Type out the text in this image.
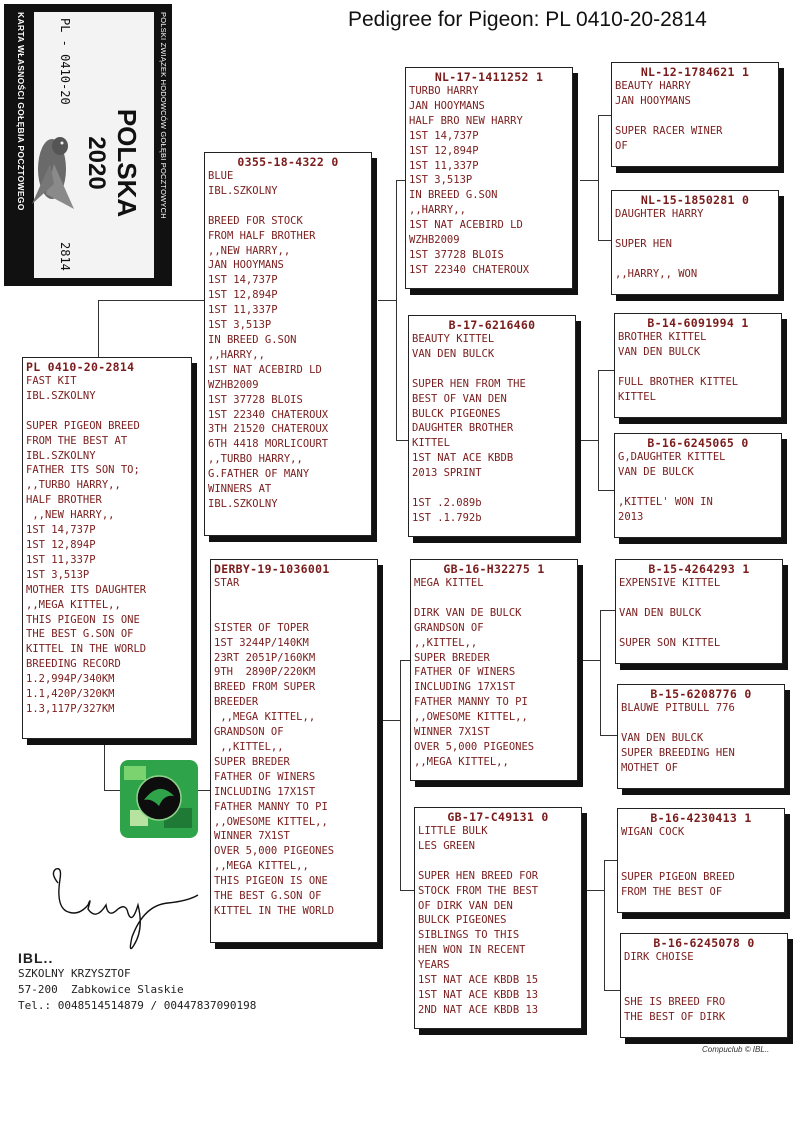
Pedigree for Pigeon: PL 0410-20-2814
POLSKI ZWIĄZEK HODOWCÓW GOŁĘBI POCZTOWYCH
POLSKA
2020
PL - 0410-20
2814
KARTA WŁASNOŚCI GOŁĘBIA POCZTOWEGO
PL 0410-20-2814
FAST KIT
IBL.SZKOLNY

SUPER PIGEON BREED
FROM THE BEST AT
IBL.SZKOLNY
FATHER ITS SON TO;
,,TURBO HARRY,,
HALF BROTHER
,,NEW HARRY,,
1ST 14,737P
1ST 12,894P
1ST 11,337P
1ST 3,513P
MOTHER ITS DAUGHTER
,,MEGA KITTEL,,
THIS PIGEON IS ONE
THE BEST G.SON OF
KITTEL IN THE WORLD
BREEDING RECORD
1.2,994P/340KM
1.1,420P/320KM
1.3,117P/327KM
0355-18-4322 0
BLUE
IBL.SZKOLNY

BREED FOR STOCK
FROM HALF BROTHER
,,NEW HARRY,,
JAN HOOYMANS
1ST 14,737P
1ST 12,894P
1ST 11,337P
1ST 3,513P
IN BREED G.SON
,,HARRY,,
1ST NAT ACEBIRD LD
WZHB2009
1ST 37728 BLOIS
1ST 22340 CHATEROUX
3TH 21520 CHATEROUX
6TH 4418 MORLICOURT
,,TURBO HARRY,,
G.FATHER OF MANY
WINNERS AT
IBL.SZKOLNY
DERBY-19-1036001
STAR

SISTER OF TOPER
1ST 3244P/140KM
23RT 2051P/160KM
9TH  2890P/220KM
BREED FROM SUPER
BREEDER
,,MEGA KITTEL,,
GRANDSON OF
,,KITTEL,,
SUPER BREDER
FATHER OF WINERS
INCLUDING 17X1ST
FATHER MANNY TO PI
,,OWESOME KITTEL,,
WINNER 7X1ST
OVER 5,000 PIGEONES
,,MEGA KITTEL,,
THIS PIGEON IS ONE
THE BEST G.SON OF
KITTEL IN THE WORLD
NL-17-1411252 1
TURBO HARRY
JAN HOOYMANS
HALF BRO NEW HARRY
1ST 14,737P
1ST 12,894P
1ST 11,337P
1ST 3,513P
IN BREED G.SON
,,HARRY,,
1ST NAT ACEBIRD LD
WZHB2009
1ST 37728 BLOIS
1ST 22340 CHATEROUX
B-17-6216460
BEAUTY KITTEL
VAN DEN BULCK

SUPER HEN FROM THE
BEST OF VAN DEN
BULCK PIGEONES
DAUGHTER BROTHER
KITTEL
1ST NAT ACE KBDB
2013 SPRINT

1ST .2.089b
1ST .1.792b
GB-16-H32275 1
MEGA KITTEL

DIRK VAN DE BULCK
GRANDSON OF
,,KITTEL,,
SUPER BREDER
FATHER OF WINERS
INCLUDING 17X1ST
FATHER MANNY TO PI
,,OWESOME KITTEL,,
WINNER 7X1ST
OVER 5,000 PIGEONES
,,MEGA KITTEL,,
GB-17-C49131 0
LITTLE BULK
LES GREEN

SUPER HEN BREED FOR
STOCK FROM THE BEST
OF DIRK VAN DEN
BULCK PIGEONES
SIBLINGS TO THIS
HEN WON IN RECENT
YEARS
1ST NAT ACE KBDB 15
1ST NAT ACE KBDB 13
2ND NAT ACE KBDB 13
NL-12-1784621 1
BEAUTY HARRY
JAN HOOYMANS

SUPER RACER WINER
OF
NL-15-1850281 0
DAUGHTER HARRY

SUPER HEN

,,HARRY,, WON
B-14-6091994 1
BROTHER KITTEL
VAN DEN BULCK

FULL BROTHER KITTEL
KITTEL
B-16-6245065 0
G,DAUGHTER KITTEL
VAN DE BULCK

,KITTEL' WON IN
2013
B-15-4264293 1
EXPENSIVE KITTEL

VAN DEN BULCK

SUPER SON KITTEL
B-15-6208776 0
BLAUWE PITBULL 776

VAN DEN BULCK
SUPER BREEDING HEN
MOTHET OF
B-16-4230413 1
WIGAN COCK

SUPER PIGEON BREED
FROM THE BEST OF
B-16-6245078 0
DIRK CHOISE

SHE IS BREED FRO
THE BEST OF DIRK
IBL..
SZKOLNY KRZYSZTOF
57-200  Zabkowice Slaskie
Tel.: 0048514514879 / 00447837090198
Compuclub © IBL..
